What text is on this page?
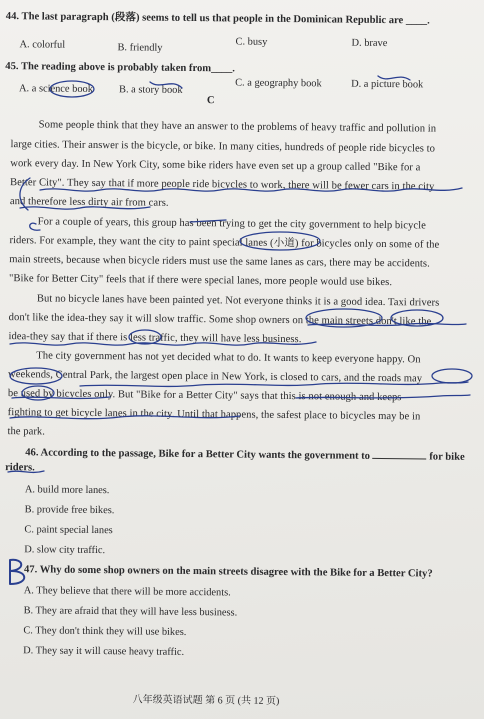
44. The last paragraph (段落) seems to tell us that people in the Dominican Republic are ____.
A. colorful	B. friendly
C. busy	D. brave
45. The reading above is probably taken from____.
A. a science book	B. a story book
C. a geography book	D. a picture book
C
Some people think that they have an answer to the problems of heavy traffic and pollution in
large cities. Their answer is the bicycle, or bike. In many cities, hundreds of people ride bicycles to
work every day. In New York City, some bike riders have even set up a group called "Bike for a
Better City". They say that if more people ride bicycles to work, there will be fewer cars in the city
and therefore less dirty air from cars.
For a couple of years, this group has been trying to get the city government to help bicycle
riders. For example, they want the city to paint special lanes (小道) for bicycles only on some of the
main streets, because when bicycle riders must use the same lanes as cars, there may be accidents.
"Bike for Better City" feels that if there were special lanes, more people would use bikes.
But no bicycle lanes have been painted yet. Not everyone thinks it is a good idea. Taxi drivers
don't like the idea-they say it will slow traffic. Some shop owners on the main streets don't like the
idea-they say that if there is less traffic, they will have less business.
The city government has not yet decided what to do. It wants to keep everyone happy. On
weekends, Central Park, the largest open place in New York, is closed to cars, and the roads may
be used by bicycles only. But "Bike for a Better City" says that this is not enough and keeps
fighting to get bicycle lanes in the city. Until that happens, the safest place to bicycles may be in
the park.
46. According to the passage, Bike for a Better City wants the government to	for bike
riders.
A. build more lanes.
B. provide free bikes.
C. paint special lanes
D. slow city traffic.
47. Why do some shop owners on the main streets disagree with the Bike for a Better City?
A. They believe that there will be more accidents.
B. They are afraid that they will have less business.
C. They don't think they will use bikes.
D. They say it will cause heavy traffic.
八年级英语试题 第 6 页 (共 12 页)
